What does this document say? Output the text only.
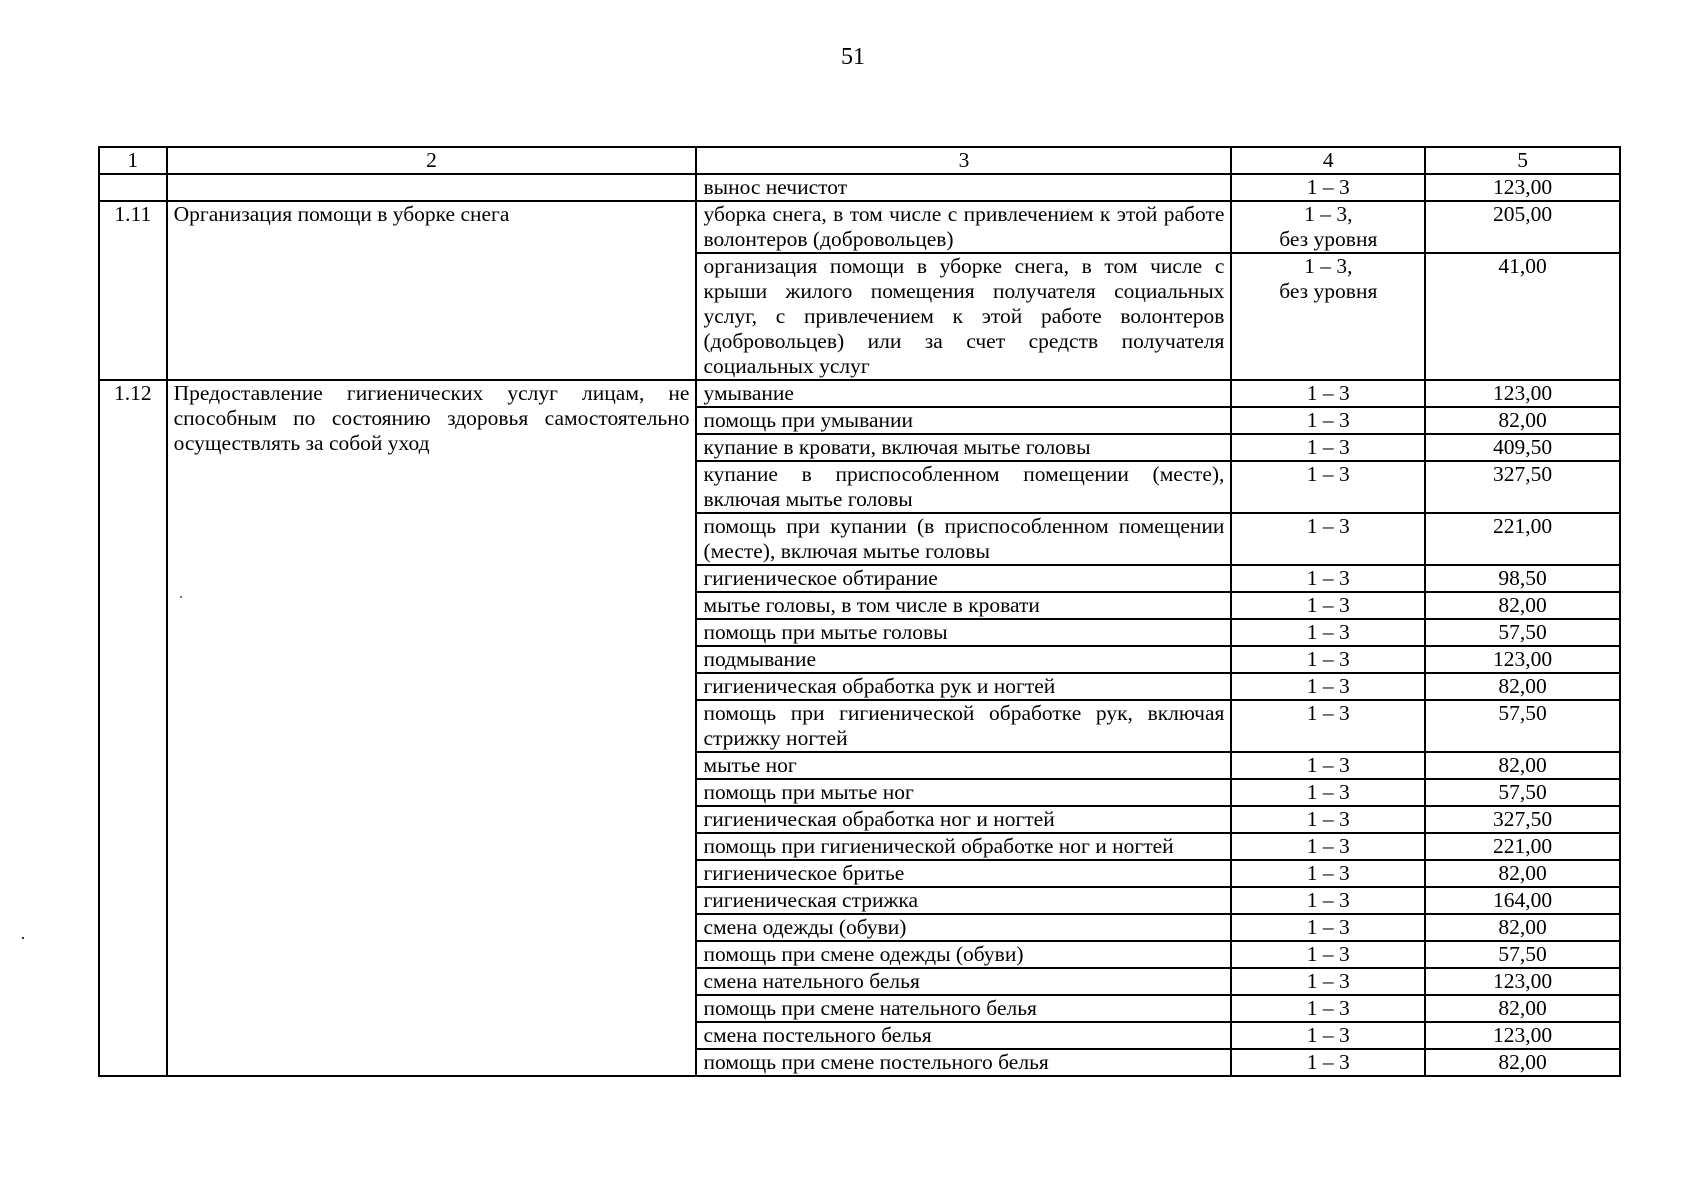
51
1	2	3	4	5
		вынос нечистот	1 – 3	123,00
1.11	Организация помощи в уборке снега	уборка снега, в том числе с привлечением к этой работе волонтеров (добровольцев)	1 – 3,
без уровня	205,00
		организация помощи в уборке снега, в том числе с крыши жилого помещения получателя социальных услуг, с привлечением к этой работе волонтеров (добровольцев) или за счет средств получателя социальных услуг	1 – 3,
без уровня	41,00
1.12	Предоставление гигиенических услуг лицам, не способным по состоянию здоровья самостоятельно осуществлять за собой уход	умывание	1 – 3	123,00
		помощь при умывании	1 – 3	82,00
		купание в кровати, включая мытье головы	1 – 3	409,50
		купание в приспособленном помещении (месте), включая мытье головы	1 – 3	327,50
		помощь при купании (в приспособленном помещении (месте), включая мытье головы	1 – 3	221,00
		гигиеническое обтирание	1 – 3	98,50
		мытье головы, в том числе в кровати	1 – 3	82,00
		помощь при мытье головы	1 – 3	57,50
		подмывание	1 – 3	123,00
		гигиеническая обработка рук и ногтей	1 – 3	82,00
		помощь при гигиенической обработке рук, включая стрижку ногтей	1 – 3	57,50
		мытье ног	1 – 3	82,00
		помощь при мытье ног	1 – 3	57,50
		гигиеническая обработка ног и ногтей	1 – 3	327,50
		помощь при гигиенической обработке ног и ногтей	1 – 3	221,00
		гигиеническое бритье	1 – 3	82,00
		гигиеническая стрижка	1 – 3	164,00
		смена одежды (обуви)	1 – 3	82,00
		помощь при смене одежды (обуви)	1 – 3	57,50
		смена нательного белья	1 – 3	123,00
		помощь при смене нательного белья	1 – 3	82,00
		смена постельного белья	1 – 3	123,00
		помощь при смене постельного белья	1 – 3	82,00
